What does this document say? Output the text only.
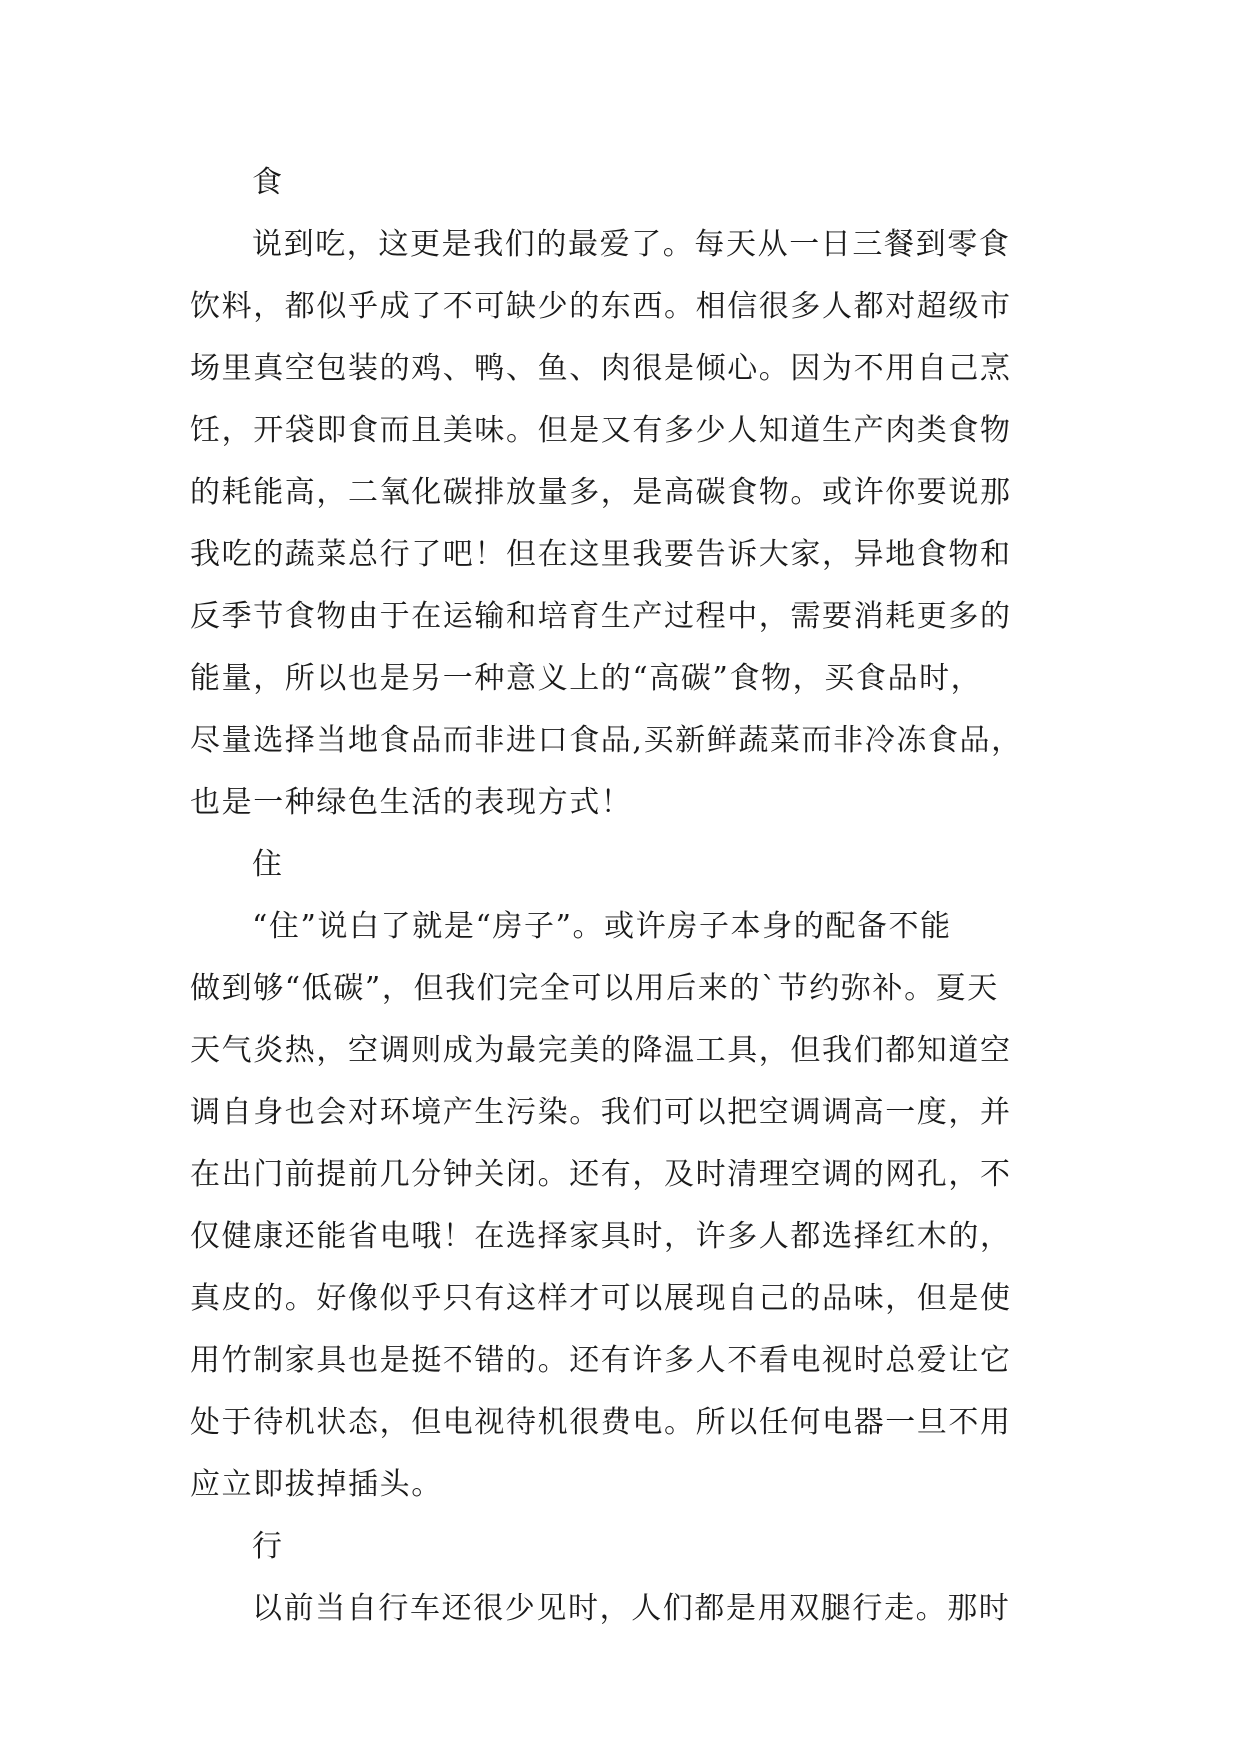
食

说到吃，这更是我们的最爱了。每天从一日三餐到零食
饮料，都似乎成了不可缺少的东西。相信很多人都对超级市
场里真空包装的鸡、鸭、鱼、肉很是倾心。因为不用自己烹
饪，开袋即食而且美味。但是又有多少人知道生产肉类食物
的耗能高，二氧化碳排放量多，是高碳食物。或许你要说那
我吃的蔬菜总行了吧！但在这里我要告诉大家，异地食物和
反季节食物由于在运输和培育生产过程中，需要消耗更多的
能量，所以也是另一种意义上的“高碳”食物，买食品时，
尽量选择当地食品而非进口食品,买新鲜蔬菜而非冷冻食品，
也是一种绿色生活的表现方式！

住

“住”说白了就是“房子”。或许房子本身的配备不能
做到够“低碳”，但我们完全可以用后来的`节约弥补。夏天
天气炎热，空调则成为最完美的降温工具，但我们都知道空
调自身也会对环境产生污染。我们可以把空调调高一度，并
在出门前提前几分钟关闭。还有，及时清理空调的网孔，不
仅健康还能省电哦！在选择家具时，许多人都选择红木的，
真皮的。好像似乎只有这样才可以展现自己的品味，但是使
用竹制家具也是挺不错的。还有许多人不看电视时总爱让它
处于待机状态，但电视待机很费电。所以任何电器一旦不用
应立即拔掉插头。

行

以前当自行车还很少见时，人们都是用双腿行走。那时
